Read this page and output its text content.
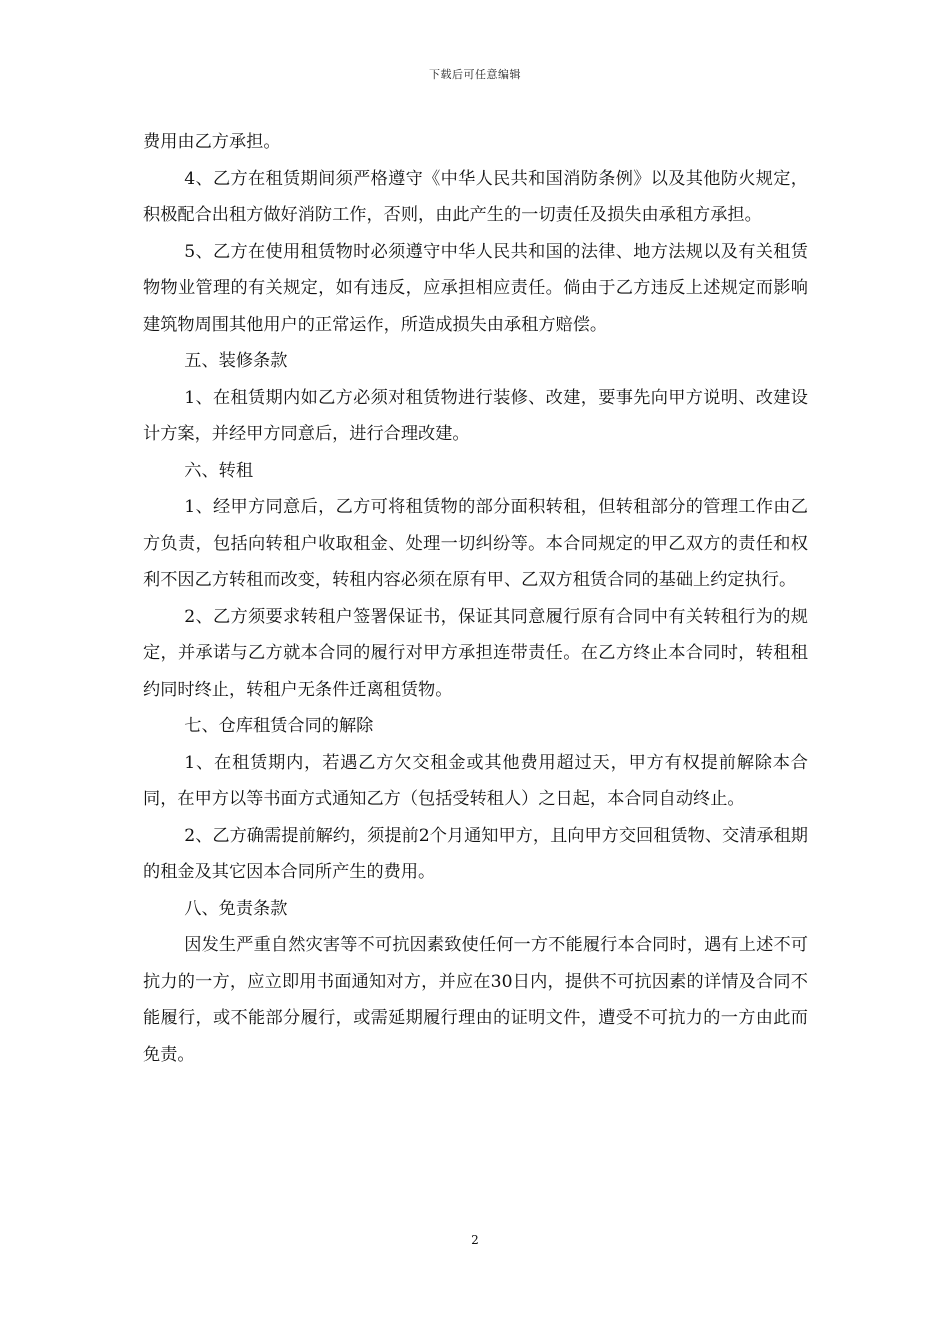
下载后可任意编辑

费用由乙方承担。

4、乙方在租赁期间须严格遵守《中华人民共和国消防条例》以及其他防火规定，积极配合出租方做好消防工作，否则，由此产生的一切责任及损失由承租方承担。

5、乙方在使用租赁物时必须遵守中华人民共和国的法律、地方法规以及有关租赁物物业管理的有关规定，如有违反，应承担相应责任。倘由于乙方违反上述规定而影响建筑物周围其他用户的正常运作，所造成损失由承租方赔偿。

五、装修条款

1、在租赁期内如乙方必须对租赁物进行装修、改建，要事先向甲方说明、改建设计方案，并经甲方同意后，进行合理改建。

六、转租

1、经甲方同意后，乙方可将租赁物的部分面积转租，但转租部分的管理工作由乙方负责，包括向转租户收取租金、处理一切纠纷等。本合同规定的甲乙双方的责任和权利不因乙方转租而改变，转租内容必须在原有甲、乙双方租赁合同的基础上约定执行。

2、乙方须要求转租户签署保证书，保证其同意履行原有合同中有关转租行为的规定，并承诺与乙方就本合同的履行对甲方承担连带责任。在乙方终止本合同时，转租租约同时终止，转租户无条件迁离租赁物。

七、仓库租赁合同的解除

1、在租赁期内，若遇乙方欠交租金或其他费用超过天，甲方有权提前解除本合同，在甲方以等书面方式通知乙方（包括受转租人）之日起，本合同自动终止。

2、乙方确需提前解约，须提前2个月通知甲方，且向甲方交回租赁物、交清承租期的租金及其它因本合同所产生的费用。

八、免责条款

因发生严重自然灾害等不可抗因素致使任何一方不能履行本合同时，遇有上述不可抗力的一方，应立即用书面通知对方，并应在30日内，提供不可抗因素的详情及合同不能履行，或不能部分履行，或需延期履行理由的证明文件，遭受不可抗力的一方由此而免责。

2
